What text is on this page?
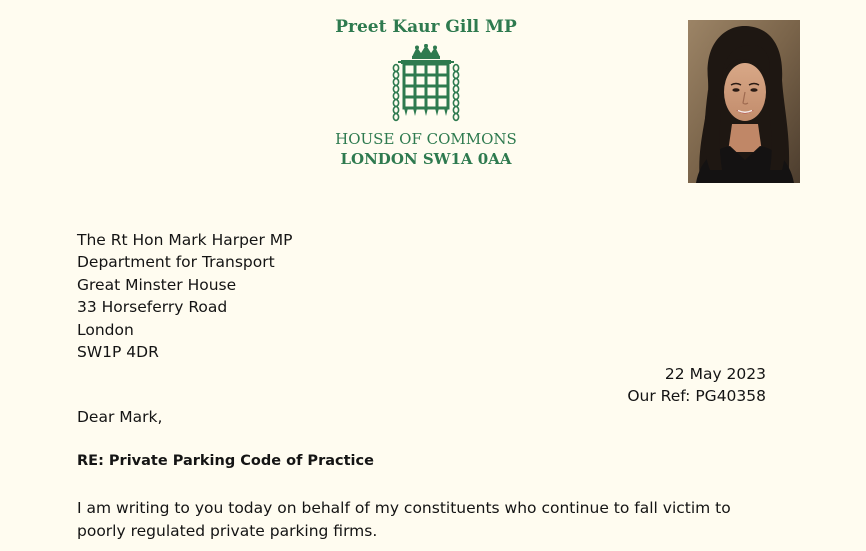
Preet Kaur Gill MP
HOUSE OF COMMONS
LONDON SW1A 0AA
The Rt Hon Mark Harper MP
Department for Transport
Great Minster House
33 Horseferry Road
London
SW1P 4DR
22 May 2023
Our Ref: PG40358
Dear Mark,
RE: Private Parking Code of Practice
I am writing to you today on behalf of my constituents who continue to fall victim to poorly regulated private parking firms.
